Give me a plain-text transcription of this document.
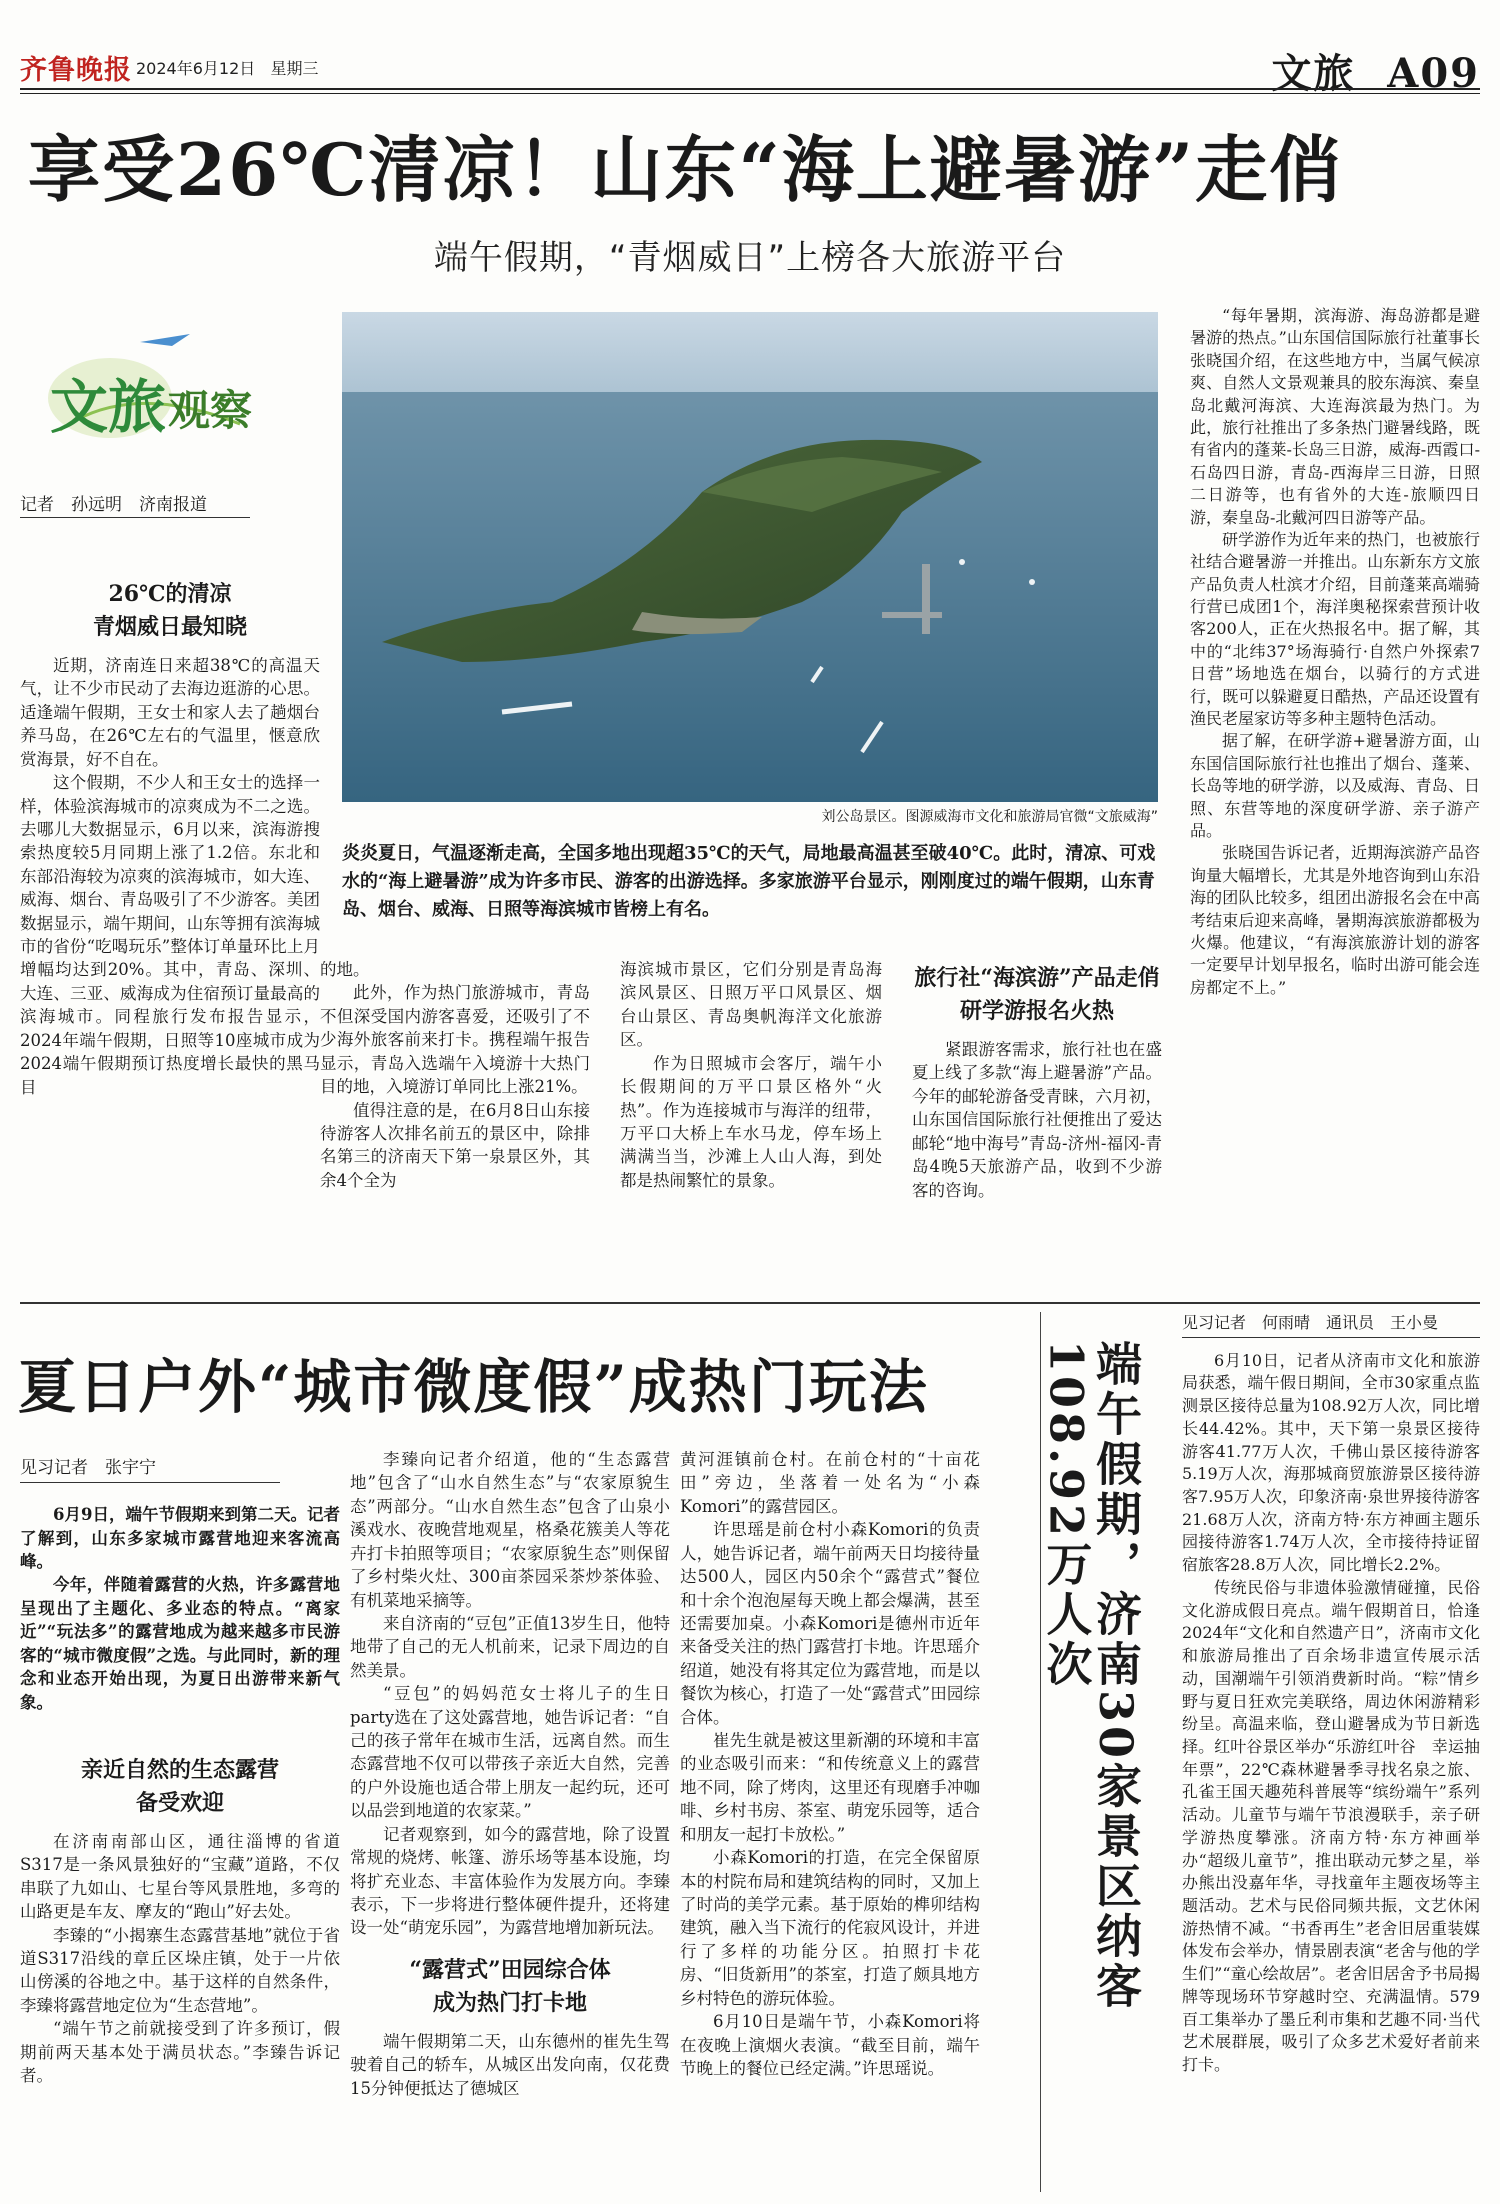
齐鲁晚报 2024年6月12日 星期三	文旅 A09
享受26℃清凉！山东“海上避暑游”走俏
端午假期，“青烟威日”上榜各大旅游平台
文旅 观察
记者　孙远明　济南报道
刘公岛景区。图源威海市文化和旅游局官微“文旅威海”
炎炎夏日，气温逐渐走高，全国多地出现超35℃的天气，局地最高温甚至破40℃。此时，清凉、可戏水的“海上避暑游”成为许多市民、游客的出游选择。多家旅游平台显示，刚刚度过的端午假期，山东青岛、烟台、威海、日照等海滨城市皆榜上有名。
26℃的清凉
青烟威日最知晓

近期，济南连日来超38℃的高温天气，让不少市民动了去海边逛游的心思。适逢端午假期，王女士和家人去了趟烟台养马岛，在26℃左右的气温里，惬意欣赏海景，好不自在。

这个假期，不少人和王女士的选择一样，体验滨海城市的凉爽成为不二之选。去哪儿大数据显示，6月以来，滨海游搜索热度较5月同期上涨了1.2倍。东北和东部沿海较为凉爽的滨海城市，如大连、威海、烟台、青岛吸引了不少游客。美团数据显示，端午期间，山东等拥有滨海城市的省份“吃喝玩乐”整体订单量环比上月增幅均达到20%。其中，青岛、深圳、大连、三亚、威海成为住宿预订量最高的滨海城市。同程旅行发布报告显示，2024年端午假期，日照等10座城市成为2024端午假期预订热度增长最快的黑马目

的地。

此外，作为热门旅游城市，青岛不但深受国内游客喜爱，还吸引了不少海外旅客前来打卡。携程端午报告显示，青岛入选端午入境游十大热门目的地，入境游订单同比上涨21%。

值得注意的是，在6月8日山东接待游客人次排名前五的景区中，除排名第三的济南天下第一泉景区外，其余4个全为

海滨城市景区，它们分别是青岛海滨风景区、日照万平口风景区、烟台山景区、青岛奥帆海洋文化旅游区。

作为日照城市会客厅，端午小长假期间的万平口景区格外“火热”。作为连接城市与海洋的纽带，万平口大桥上车水马龙，停车场上满满当当，沙滩上人山人海，到处都是热闹繁忙的景象。

旅行社“海滨游”产品走俏
研学游报名火热

紧跟游客需求，旅行社也在盛夏上线了多款“海上避暑游”产品。今年的邮轮游备受青睐，六月初，山东国信国际旅行社便推出了爱达邮轮“地中海号”青岛-济州-福冈-青岛4晚5天旅游产品，收到不少游客的咨询。

“每年暑期，滨海游、海岛游都是避暑游的热点。”山东国信国际旅行社董事长张晓国介绍，在这些地方中，当属气候凉爽、自然人文景观兼具的胶东海滨、秦皇岛北戴河海滨、大连海滨最为热门。为此，旅行社推出了多条热门避暑线路，既有省内的蓬莱-长岛三日游，威海-西霞口-石岛四日游，青岛-西海岸三日游，日照二日游等，也有省外的大连-旅顺四日游，秦皇岛-北戴河四日游等产品。

研学游作为近年来的热门，也被旅行社结合避暑游一并推出。山东新东方文旅产品负责人杜滨才介绍，目前蓬莱高端骑行营已成团1个，海洋奥秘探索营预计收客200人，正在火热报名中。据了解，其中的“北纬37°场海骑行·自然户外探索7日营”场地选在烟台，以骑行的方式进行，既可以躲避夏日酷热，产品还设置有渔民老屋家访等多种主题特色活动。

据了解，在研学游+避暑游方面，山东国信国际旅行社也推出了烟台、蓬莱、长岛等地的研学游，以及威海、青岛、日照、东营等地的深度研学游、亲子游产品。

张晓国告诉记者，近期海滨游产品咨询量大幅增长，尤其是外地咨询到山东沿海的团队比较多，组团出游报名会在中高考结束后迎来高峰，暑期海滨旅游都极为火爆。他建议，“有海滨旅游计划的游客一定要早计划早报名，临时出游可能会连房都定不上。”

夏日户外“城市微度假”成热门玩法
见习记者　张宇宁

6月9日，端午节假期来到第二天。记者了解到，山东多家城市露营地迎来客流高峰。

今年，伴随着露营的火热，许多露营地呈现出了主题化、多业态的特点。“离家近”“玩法多”的露营地成为越来越多市民游客的“城市微度假”之选。与此同时，新的理念和业态开始出现，为夏日出游带来新气象。

亲近自然的生态露营
备受欢迎

在济南南部山区，通往淄博的省道S317是一条风景独好的“宝藏”道路，不仅串联了九如山、七星台等风景胜地，多弯的山路更是车友、摩友的“跑山”好去处。

李臻的“小揭寨生态露营基地”就位于省道S317沿线的章丘区垛庄镇，处于一片依山傍溪的谷地之中。基于这样的自然条件，李臻将露营地定位为“生态营地”。

“端午节之前就接受到了许多预订，假期前两天基本处于满员状态。”李臻告诉记者。

李臻向记者介绍道，他的“生态露营地”包含了“山水自然生态”与“农家原貌生态”两部分。“山水自然生态”包含了山泉小溪戏水、夜晚营地观星，格桑花簇美人等花卉打卡拍照等项目；“农家原貌生态”则保留了乡村柴火灶、300亩茶园采茶炒茶体验、有机菜地采摘等。

来自济南的“豆包”正值13岁生日，他特地带了自己的无人机前来，记录下周边的自然美景。

“豆包”的妈妈范女士将儿子的生日party选在了这处露营地，她告诉记者：“自己的孩子常年在城市生活，远离自然。而生态露营地不仅可以带孩子亲近大自然，完善的户外设施也适合带上朋友一起约玩，还可以品尝到地道的农家菜。”

记者观察到，如今的露营地，除了设置常规的烧烤、帐篷、游乐场等基本设施，均将扩充业态、丰富体验作为发展方向。李臻表示，下一步将进行整体硬件提升，还将建设一处“萌宠乐园”，为露营地增加新玩法。

“露营式”田园综合体
成为热门打卡地

端午假期第二天，山东德州的崔先生驾驶着自己的轿车，从城区出发向南，仅花费15分钟便抵达了德城区

黄河涯镇前仓村。在前仓村的“十亩花田”旁边，坐落着一处名为“小森Komori”的露营园区。

许思瑶是前仓村小森Komori的负责人，她告诉记者，端午前两天日均接待量达500人，园区内50余个“露营式”餐位和十余个泡泡屋每天晚上都会爆满，甚至还需要加桌。小森Komori是德州市近年来备受关注的热门露营打卡地。许思瑶介绍道，她没有将其定位为露营地，而是以餐饮为核心，打造了一处“露营式”田园综合体。

崔先生就是被这里新潮的环境和丰富的业态吸引而来：“和传统意义上的露营地不同，除了烤肉，这里还有现磨手冲咖啡、乡村书房、茶室、萌宠乐园等，适合和朋友一起打卡放松。”

小森Komori的打造，在完全保留原本的村院布局和建筑结构的同时，又加上了时尚的美学元素。基于原始的榫卯结构建筑，融入当下流行的侘寂风设计，并进行了多样的功能分区。拍照打卡花房、“旧货新用”的茶室，打造了颇具地方乡村特色的游玩体验。

6月10日是端午节，小森Komori将在夜晚上演烟火表演。“截至目前，端午节晚上的餐位已经定满。”许思瑶说。

端午假期，济南30家景区纳客108.92万人次
见习记者　何雨晴　通讯员　王小曼

6月10日，记者从济南市文化和旅游局获悉，端午假日期间，全市30家重点监测景区接待总量为108.92万人次，同比增长44.42%。其中，天下第一泉景区接待游客41.77万人次，千佛山景区接待游客5.19万人次，海那城商贸旅游景区接待游客7.95万人次，印象济南·泉世界接待游客21.68万人次，济南方特·东方神画主题乐园接待游客1.74万人次，全市接待持证留宿旅客28.8万人次，同比增长2.2%。

传统民俗与非遗体验激情碰撞，民俗文化游成假日亮点。端午假期首日，恰逢2024年“文化和自然遗产日”，济南市文化和旅游局推出了百余场非遗宣传展示活动，国潮端午引领消费新时尚。“粽”情乡野与夏日狂欢完美联络，周边休闲游精彩纷呈。高温来临，登山避暑成为节日新选择。红叶谷景区举办“乐游红叶谷　幸运抽年票”，22℃森林避暑季寻找名泉之旅、孔雀王国天趣苑科普展等“缤纷端午”系列活动。儿童节与端午节浪漫联手，亲子研学游热度攀涨。济南方特·东方神画举办“超级儿童节”，推出联动元梦之星，举办熊出没嘉年华，寻找童年主题夜场等主题活动。艺术与民俗同频共振，文艺休闲游热情不减。“书香再生”老舍旧居重装媒体发布会举办，情景剧表演“老舍与他的学生们”“童心绘故居”。老舍旧居舍予书局揭牌等现场环节穿越时空、充满温情。579百工集举办了墨丘利市集和艺趣不同·当代艺术展群展，吸引了众多艺术爱好者前来打卡。
